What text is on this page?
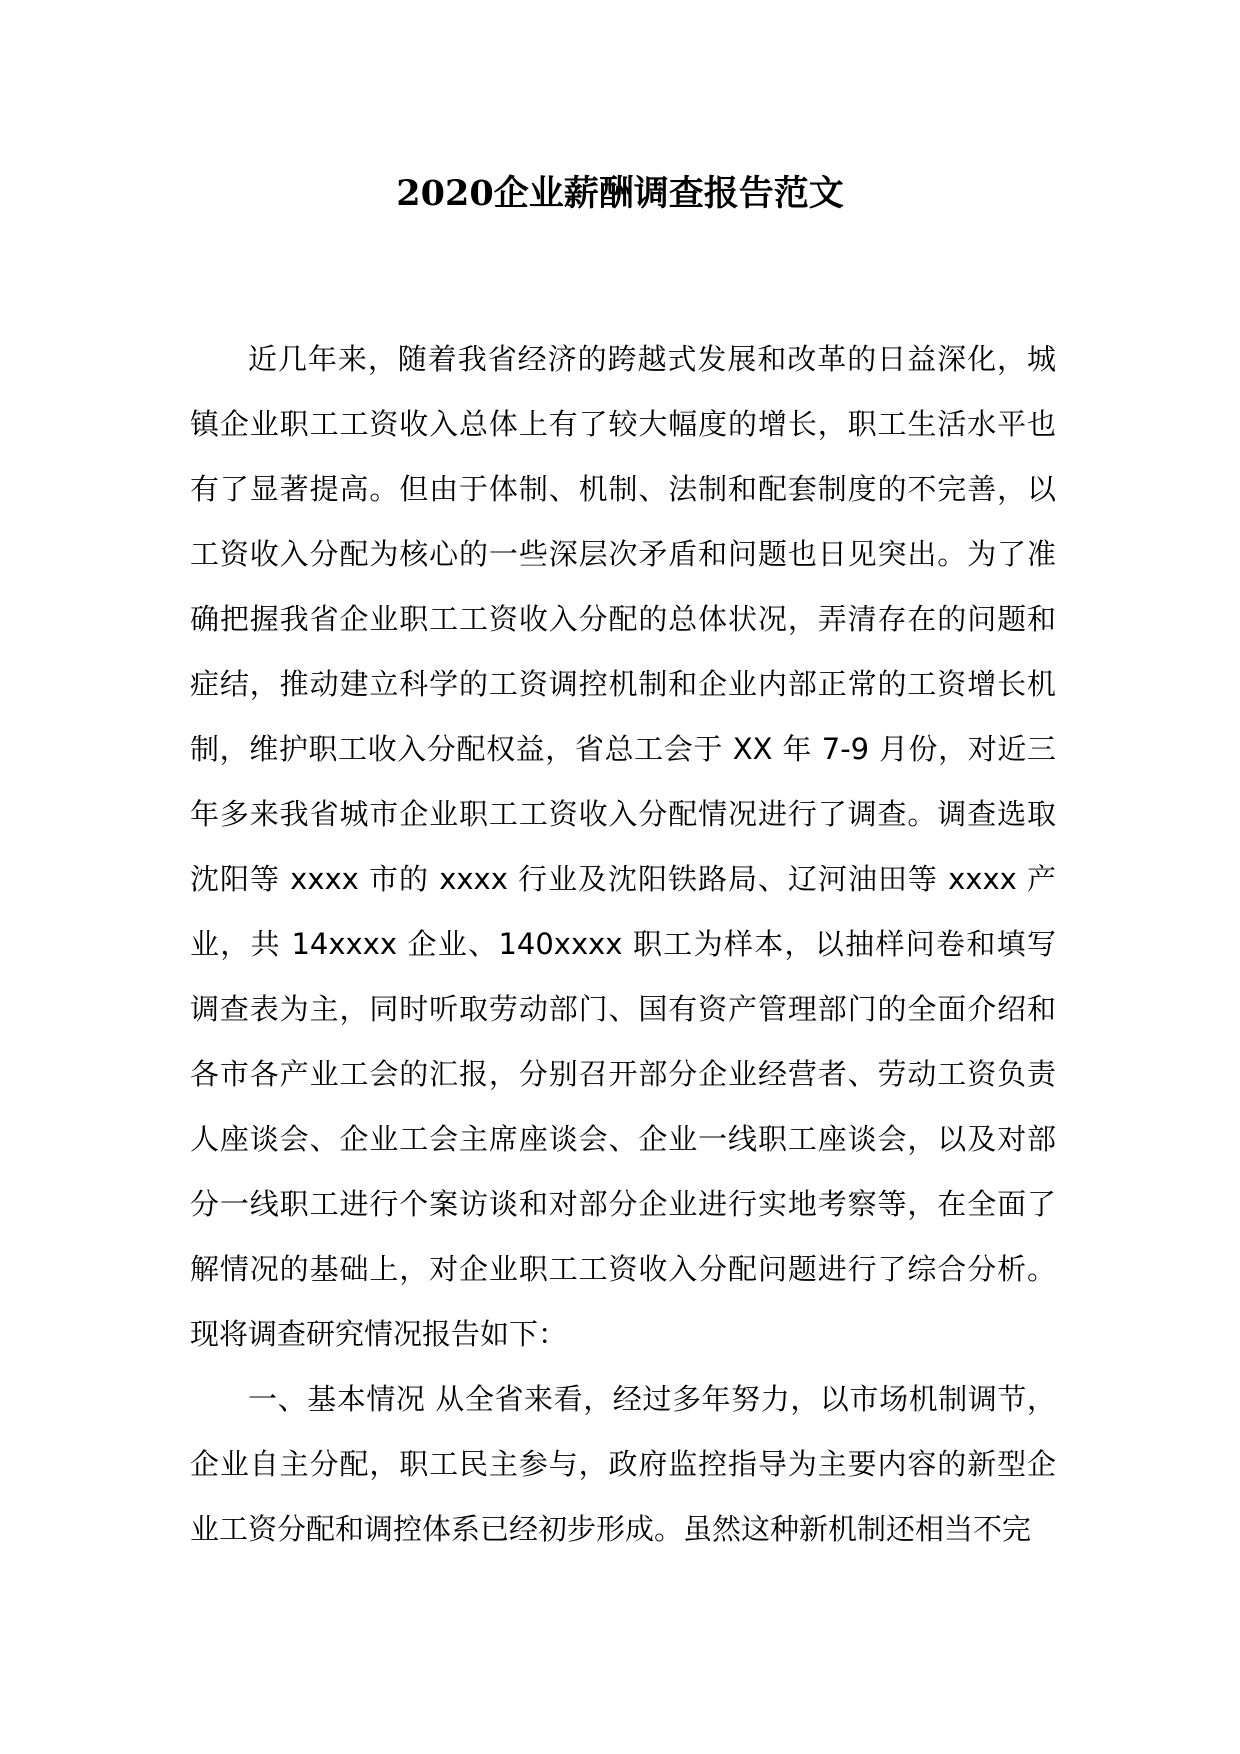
2020企业薪酬调查报告范文

近几年来，随着我省经济的跨越式发展和改革的日益深化，城镇企业职工工资收入总体上有了较大幅度的增长，职工生活水平也有了显著提高。但由于体制、机制、法制和配套制度的不完善，以工资收入分配为核心的一些深层次矛盾和问题也日见突出。为了准确把握我省企业职工工资收入分配的总体状况，弄清存在的问题和症结，推动建立科学的工资调控机制和企业内部正常的工资增长机制，维护职工收入分配权益，省总工会于 XX 年 7-9 月份，对近三年多来我省城市企业职工工资收入分配情况进行了调查。调查选取沈阳等 xxxx 市的 xxxx 行业及沈阳铁路局、辽河油田等 xxxx 产业，共 14xxxx 企业、140xxxx 职工为样本，以抽样问卷和填写调查表为主，同时听取劳动部门、国有资产管理部门的全面介绍和各市各产业工会的汇报，分别召开部分企业经营者、劳动工资负责人座谈会、企业工会主席座谈会、企业一线职工座谈会，以及对部分一线职工进行个案访谈和对部分企业进行实地考察等，在全面了解情况的基础上，对企业职工工资收入分配问题进行了综合分析。现将调查研究情况报告如下：

一、基本情况 从全省来看，经过多年努力，以市场机制调节，企业自主分配，职工民主参与，政府监控指导为主要内容的新型企业工资分配和调控体系已经初步形成。虽然这种新机制还相当不完
